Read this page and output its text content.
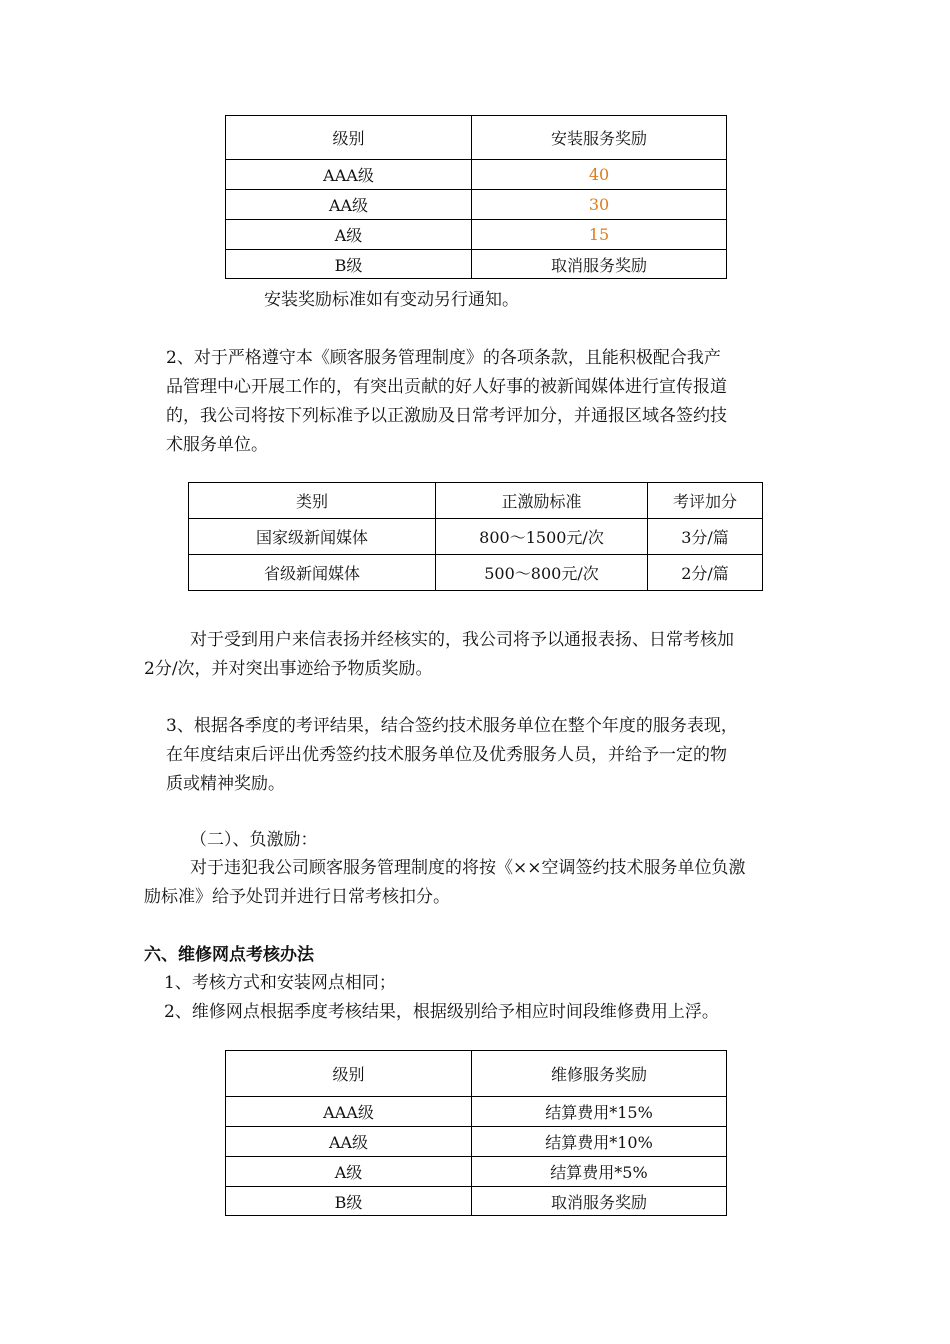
级别	安装服务奖励
AAA级	40
AA级	30
A级	15
B级	取消服务奖励
安装奖励标准如有变动另行通知。
2、对于严格遵守本《顾客服务管理制度》的各项条款，且能积极配合我产
品管理中心开展工作的，有突出贡献的好人好事的被新闻媒体进行宣传报道
的，我公司将按下列标准予以正激励及日常考评加分，并通报区域各签约技
术服务单位。
类别	正激励标准	考评加分
国家级新闻媒体	800～1500元/次	3分/篇
省级新闻媒体	500～800元/次	2分/篇
对于受到用户来信表扬并经核实的，我公司将予以通报表扬、日常考核加
2分/次，并对突出事迹给予物质奖励。
3、根据各季度的考评结果，结合签约技术服务单位在整个年度的服务表现，
在年度结束后评出优秀签约技术服务单位及优秀服务人员，并给予一定的物
质或精神奖励。
（二）、负激励：
对于违犯我公司顾客服务管理制度的将按《××空调签约技术服务单位负激
励标准》给予处罚并进行日常考核扣分。
六、维修网点考核办法
1、考核方式和安装网点相同；
2、维修网点根据季度考核结果，根据级别给予相应时间段维修费用上浮。
级别	维修服务奖励
AAA级	结算费用*15%
AA级	结算费用*10%
A级	结算费用*5%
B级	取消服务奖励
